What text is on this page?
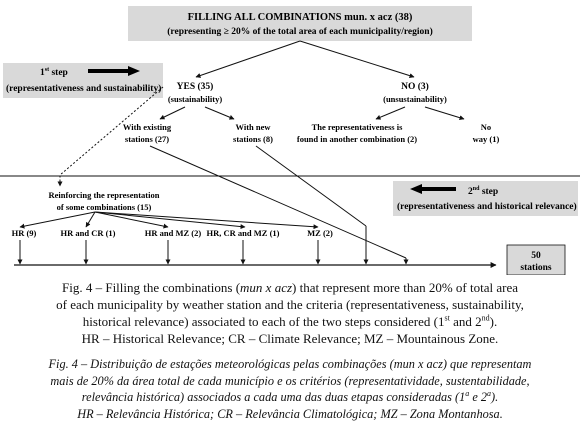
FILLING ALL COMBINATIONS mun. x acz (38)
(representing ≥ 20% of the total area of each municipality/region)
1st step
(representativeness and sustainability)
2nd step
(representativeness and historical relevance)
YES (35)
(sustainability)
NO (3)
(unsustainability)
With existing
stations (27)
With new
stations (8)
The representativeness is
found in another combination (2)
No
way (1)
Reinforcing the representation
of some combinations (15)
HR (9)	HR and CR (1)	HR and MZ (2) HR, CR and MZ (1)	MZ (2)
50
stations
Fig. 4 – Filling the combinations (mun x acz) that represent more than 20% of total area
of each municipality by weather station and the criteria (representativeness, sustainability,
historical relevance) associated to each of the two steps considered (1st and 2nd).
HR – Historical Relevance; CR – Climate Relevance; MZ – Mountainous Zone.
Fig. 4 – Distribuição de estações meteorológicas pelas combinações (mun x acz) que representam
mais de 20% da área total de cada município e os critérios (representatividade, sustentabilidade,
relevância histórica) associados a cada uma das duas etapas consideradas (1$^a$ e 2$^a$).
HR – Relevância Histórica; CR – Relevância Climatológica; MZ – Zona Montanhosa.
